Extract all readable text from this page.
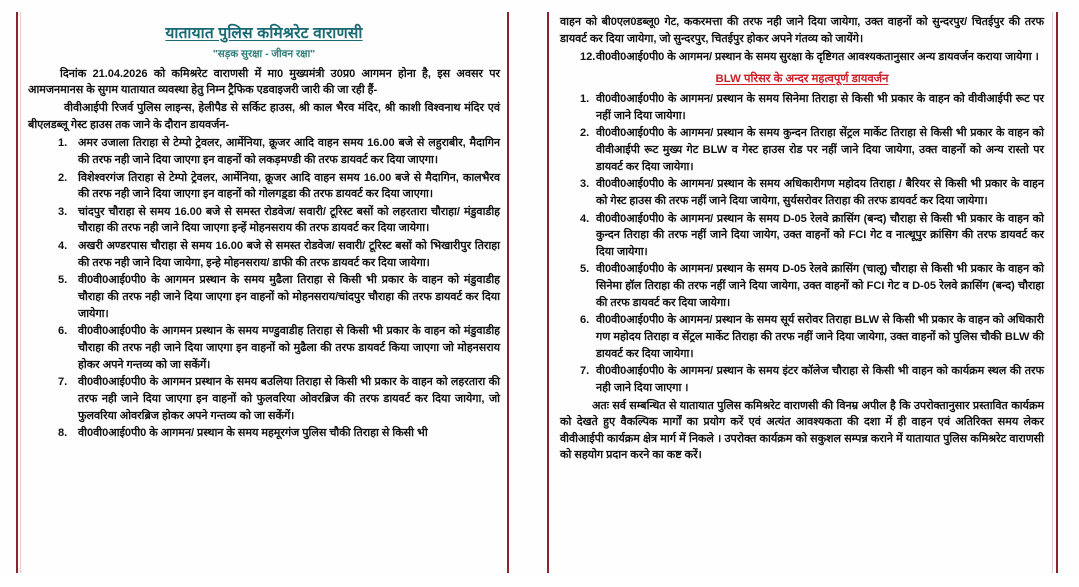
यातायात पुलिस कमिश्ररेट वाराणसी
"सड़क सुरक्षा - जीवन रक्षा"

दिनांक 21.04.2026 को कमिश्ररेट वाराणसी में मा0 मुख्यमंत्री उ0प्र0 आगमन होना है, इस अवसर पर आमजनमानस के सुगम यातायात व्यवस्था हेतु निम्न ट्रैफिक एडवाइजरी जारी की जा रही हैं-

वीवीआईपी रिजर्व पुलिस लाइन्स, हेलीपैड से सर्किट हाउस, श्री काल भैरव मंदिर, श्री काशी विश्वनाथ मंदिर एवं बीएलडब्लू गेस्ट हाउस तक जाने के दौरान डायवर्जन-

अमर उजाला तिराहा से टेम्पो ट्रेवलर, आर्मेनिया, क्रूजर आदि वाहन समय 16.00 बजे से लहुराबीर, मैदागिन की तरफ नही जाने दिया जाएगा इन वाहनों को लकड़मण्डी की तरफ डायवर्ट कर दिया जाएगा।
विशेश्वरगंज तिराहा से टेम्पो ट्रेवलर, आर्मेनिया, क्रूजर आदि वाहन समय 16.00 बजे से मैदागिन, कालभैरव की तरफ नही जाने दिया जाएगा इन वाहनों को गोलगड़्डा की तरफ डायवर्ट कर दिया जाएगा।
चांदपुर चौराहा से समय 16.00 बजे से समस्त रोडवेज/ सवारी/ टूरिस्ट बसों को लहरतारा चौराहा/ मंडुवाडीह चौराहा की तरफ नही जाने दिया जाएगा इन्हें मोहनसराय की तरफ डायवर्ट कर दिया जायेगा।
अखरी अण्डरपास चौराहा से समय 16.00 बजे से समस्त रोडवेज/ सवारी/ टूरिस्ट बसों को भिखारीपुर तिराहा की तरफ नही जाने दिया जायेगा, इन्हे मोहनसराय/ डाफी की तरफ डायवर्ट कर दिया जायेगा।
वी0वी0आई0पी0 के आगमन प्रस्थान के समय मुढैला तिराहा से किसी भी प्रकार के वाहन को मंडुवाडीह चौराहा की तरफ नही जाने दिया जाएगा इन वाहनों को मोहनसराय/चांदपुर चौराहा की तरफ डायवर्ट कर दिया जायेगा।
वी0वी0आई0पी0 के आगमन प्रस्थान के समय मण्डुवाडीह तिराहा से किसी भी प्रकार के वाहन को मंडुवाडीह चौराहा की तरफ नही जाने दिया जाएगा इन वाहनों को मुढैला की तरफ डायवर्ट किया जाएगा जो मोहनसराय होकर अपने गन्तव्य को जा सकेंगें।
वी0वी0आई0पी0 के आगमन प्रस्थान के समय बउलिया तिराहा से किसी भी प्रकार के वाहन को लहरतारा की तरफ नही जाने दिया जाएगा इन वाहनों को फुलवरिया ओवरब्रिज की तरफ डायवर्ट कर दिया जायेगा, जो फुलवरिया ओवरब्रिज होकर अपने गन्तव्य को जा सकेंगें।
वी0वी0आई0पी0 के आगमन/ प्रस्थान के समय महमूरगंज पुलिस चौकी तिराहा से किसी भी

वाहन को बी0एल0डब्लू0 गेट, ककरमत्ता की तरफ नही जाने दिया जायेगा, उक्त वाहनों को सुन्दरपुर/ चितईपुर की तरफ डायवर्ट कर दिया जायेगा, जो सुन्दरपुर, चितईपुर होकर अपने गंतव्य को जायेंगे।

वी0वी0आई0पी0 के आगमन/ प्रस्थान के समय सुरक्षा के दृष्टिगत आवश्यकतानुसार अन्य डायवर्जन कराया जायेगा ।
BLW परिसर के अन्दर महत्वपूर्ण डायवर्जन
वी0वी0आई0पी0 के आगमन/ प्रस्थान के समय सिनेमा तिराहा से किसी भी प्रकार के वाहन को वीवीआईपी रूट पर नहीं जाने दिया जायेगा।
वी0वी0आई0पी0 के आगमन/ प्रस्थान के समय कुन्दन तिराहा सेंट्रल मार्केट तिराहा से किसी भी प्रकार के वाहन को वीवीआईपी रूट मुख्य गेट BLW व गेस्ट हाउस रोड पर नहीं जाने दिया जायेगा, उक्त वाहनों को अन्य रास्तो पर डायवर्ट कर दिया जायेगा।
वी0वी0आई0पी0 के आगमन/ प्रस्थान के समय अधिकारीगण महोदय तिराहा / बैरियर से किसी भी प्रकार के वाहन को गेस्ट हाउस की तरफ नहीं जाने दिया जायेगा, सुर्यसरोवर तिराहा की तरफ डायवर्ट कर दिया जायेगा।
वी0वी0आई0पी0 के आगमन/ प्रस्थान के समय D-05 रेलवे क्रासिंग (बन्द) चौराहा से किसी भी प्रकार के वाहन को कुन्दन तिराहा की तरफ नहीं जाने दिया जायेग, उक्त वाहनों को FCI गेट व नात्थूपुर क्रांसिग की तरफ डायवर्ट कर दिया जायेगा।
वी0वी0आई0पी0 के आगमन/ प्रस्थान के समय D-05 रेलवे क्रासिंग (चालू) चौराहा से किसी भी प्रकार के वाहन को सिनेमा हॉल तिराहा की तरफ नहीं जाने दिया जायेगा, उक्त वाहनों को FCI गेट व D-05 रेलवे क्रासिंग (बन्द) चौराहा की तरफ डायवर्ट कर दिया जायेगा।
वी0वी0आई0पी0 के आगमन/ प्रस्थान के समय सूर्य सरोवर तिराहा BLW से किसी भी प्रकार के वाहन को अधिकारी गण महोदय तिराहा व सेंट्रल मार्केट तिराहा की तरफ नहीं जाने दिया जायेगा, उक्त वाहनों को पुलिस चौकी BLW की डायवर्ट कर दिया जायेगा।
वी0वी0आई0पी0 के आगमन/ प्रस्थान के समय इंटर कॉलेज चौराहा से किसी भी वाहन को कार्यक्रम स्थल की तरफ नही जाने दिया जाएगा ।

अतः सर्व सम्बन्धित से यातायात पुलिस कमिश्ररेट वाराणसी की विनम्र अपील है कि उपरोक्तानुसार प्रस्तावित कार्यक्रम को देखते हुए वैकल्पिक मार्गों का प्रयोग करें एवं अत्यंत आवश्यकता की दशा में ही वाहन एवं अतिरिक्त समय लेकर वीवीआईपी कार्यक्रम क्षेत्र मार्ग में निकले । उपरोक्त कार्यक्रम को सकुशल सम्पन्न कराने में यातायात पुलिस कमिश्ररेट वाराणसी को सहयोग प्रदान करने का कष्ट करें।
